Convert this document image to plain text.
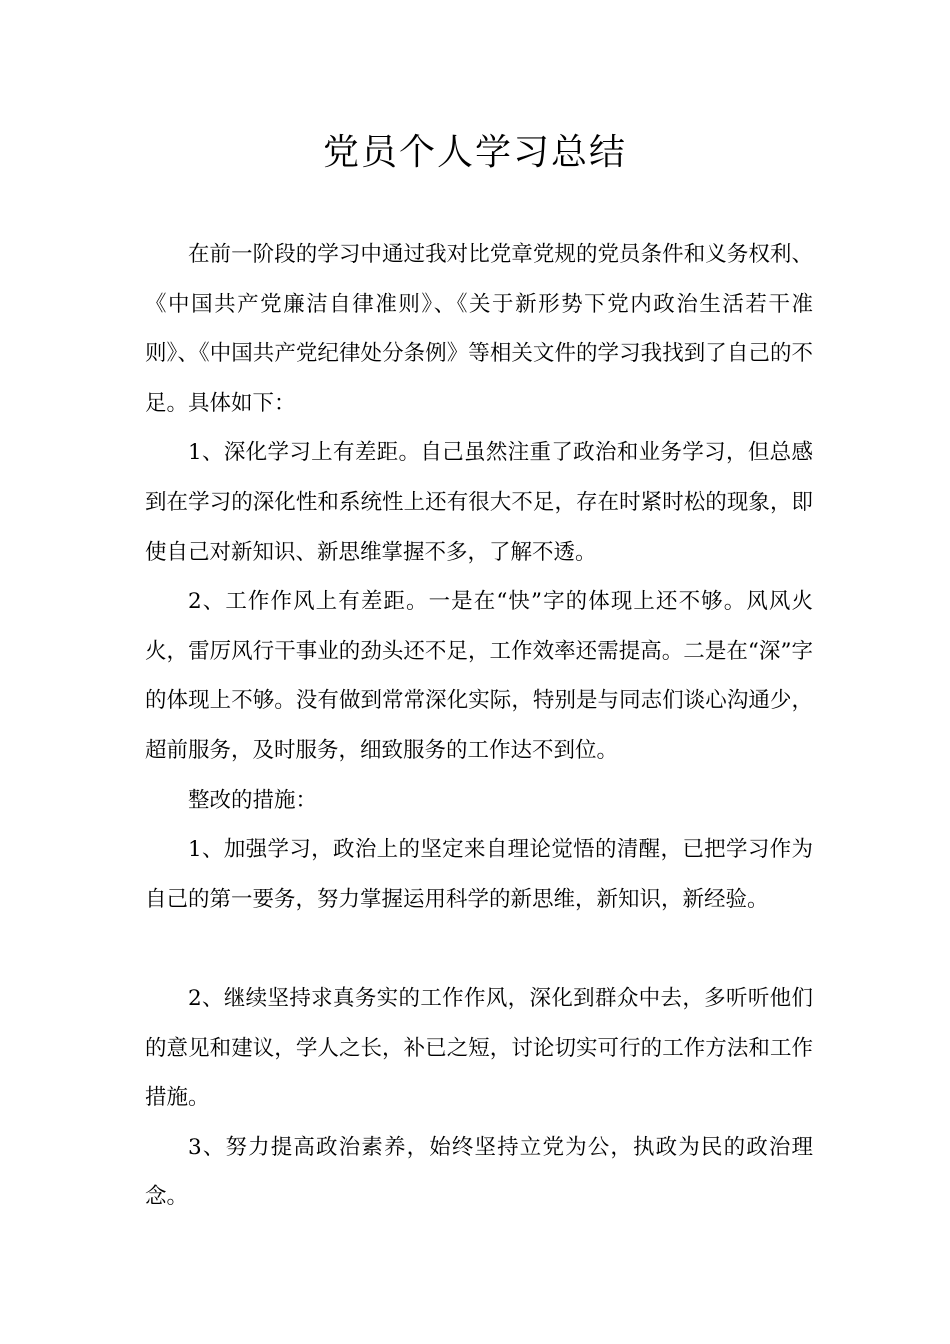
党员个人学习总结

在前一阶段的学习中通过我对比党章党规的党员条件和义务权利、《中国共产党廉洁自律准则》、《关于新形势下党内政治生活若干准则》、《中国共产党纪律处分条例》等相关文件的学习我找到了自己的不足。具体如下：

1、深化学习上有差距。自己虽然注重了政治和业务学习，但总感到在学习的深化性和系统性上还有很大不足，存在时紧时松的现象，即使自己对新知识、新思维掌握不多，了解不透。

2、工作作风上有差距。一是在“快”字的体现上还不够。风风火火，雷厉风行干事业的劲头还不足，工作效率还需提高。二是在“深”字的体现上不够。没有做到常常深化实际，特别是与同志们谈心沟通少，超前服务，及时服务，细致服务的工作达不到位。

整改的措施：

1、加强学习，政治上的坚定来自理论觉悟的清醒，已把学习作为自己的第一要务，努力掌握运用科学的新思维，新知识，新经验。

2、继续坚持求真务实的工作作风，深化到群众中去，多听听他们的意见和建议，学人之长，补已之短，讨论切实可行的工作方法和工作措施。

3、努力提高政治素养，始终坚持立党为公，执政为民的政治理念。
